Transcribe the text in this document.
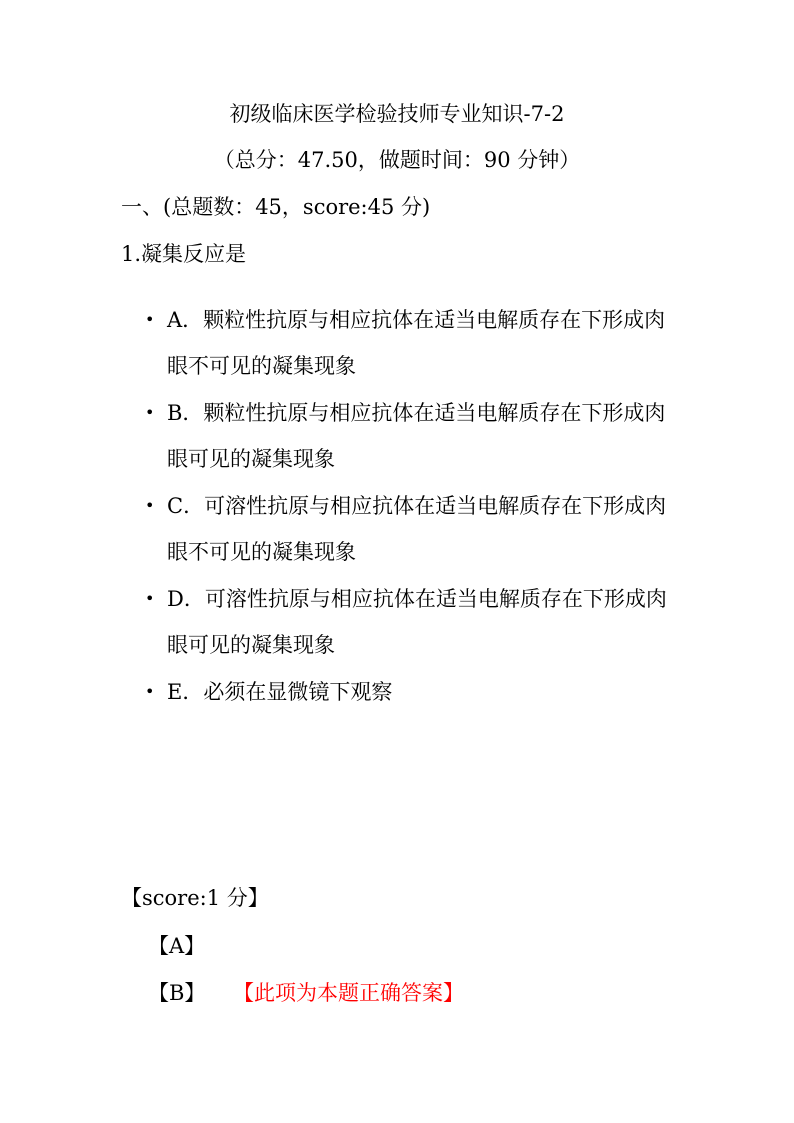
初级临床医学检验技师专业知识-7-2
（总分：47.50，做题时间：90 分钟）
一、(总题数：45，score:45 分)
1.凝集反应是
• A．颗粒性抗原与相应抗体在适当电解质存在下形成肉眼不可见的凝集现象
• B．颗粒性抗原与相应抗体在适当电解质存在下形成肉眼可见的凝集现象
• C．可溶性抗原与相应抗体在适当电解质存在下形成肉眼不可见的凝集现象
• D．可溶性抗原与相应抗体在适当电解质存在下形成肉眼可见的凝集现象
• E．必须在显微镜下观察
【score:1 分】
【A】
【B】 【此项为本题正确答案】
